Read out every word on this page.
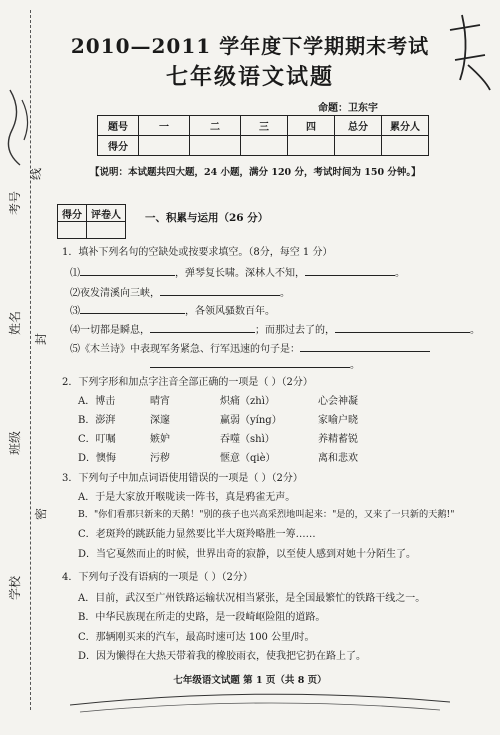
考号
线
姓名
封
班级
密
学校
2010—2011 学年度下学期期末考试
七年级语文试题
命题：卫东宇
题号	一	二	三	四	总分	累分人
得分						
【说明：本试题共四大题，24 小题，满分 120 分，考试时间为 150 分钟。】
得分	评卷人
	一、积累与运用（26 分）
1．填补下列名句的空缺处或按要求填空。（8分，每空 1 分）
⑴	，弹琴复长啸。深林人不知，	。
⑵夜发清溪向三峡，	。
⑶	，各领风骚数百年。
⑷一切都是瞬息，	；而那过去了的，	。
⑸《木兰诗》中表现军务紧急、行军迅速的句子是：
。
2．下列字形和加点字注音全部正确的一项是（ ）（2分）
A．博击	晴宵	炽痛（zhì）	心会神凝
B．澎湃	深邃	赢弱（yíng）	家喻户晓
C．叮嘱	嫉妒	吞噬（shì）	养精蓄锐
D．懊悔	污秽	惬意（qiè）	离和悲欢
3．下列句子中加点词语使用错误的一项是（ ）（2分）
A．于是大家放开喉咙读一阵书，真是鸦雀无声。
B．"你们看那只新来的天鹅！"别的孩子也兴高采烈地叫起来："是的，又来了一只新的天鹅!"
C．老斑羚的跳跃能力显然要比半大斑羚略胜一筹……
D．当它戛然而止的时候，世界出奇的寂静，以至使人感到对她十分陌生了。
4．下列句子没有语病的一项是（ ）（2分）
A．目前，武汉至广州铁路运输状况相当紧张，是全国最繁忙的铁路干线之一。
B．中华民族现在所走的史路，是一段崎岖险阻的道路。
C．那辆刚买来的汽车，最高时速可达 100 公里/时。
D．因为懒得在大热天带着我的橡胶雨衣，使我把它扔在路上了。
七年级语文试题 第 1 页（共 8 页）
